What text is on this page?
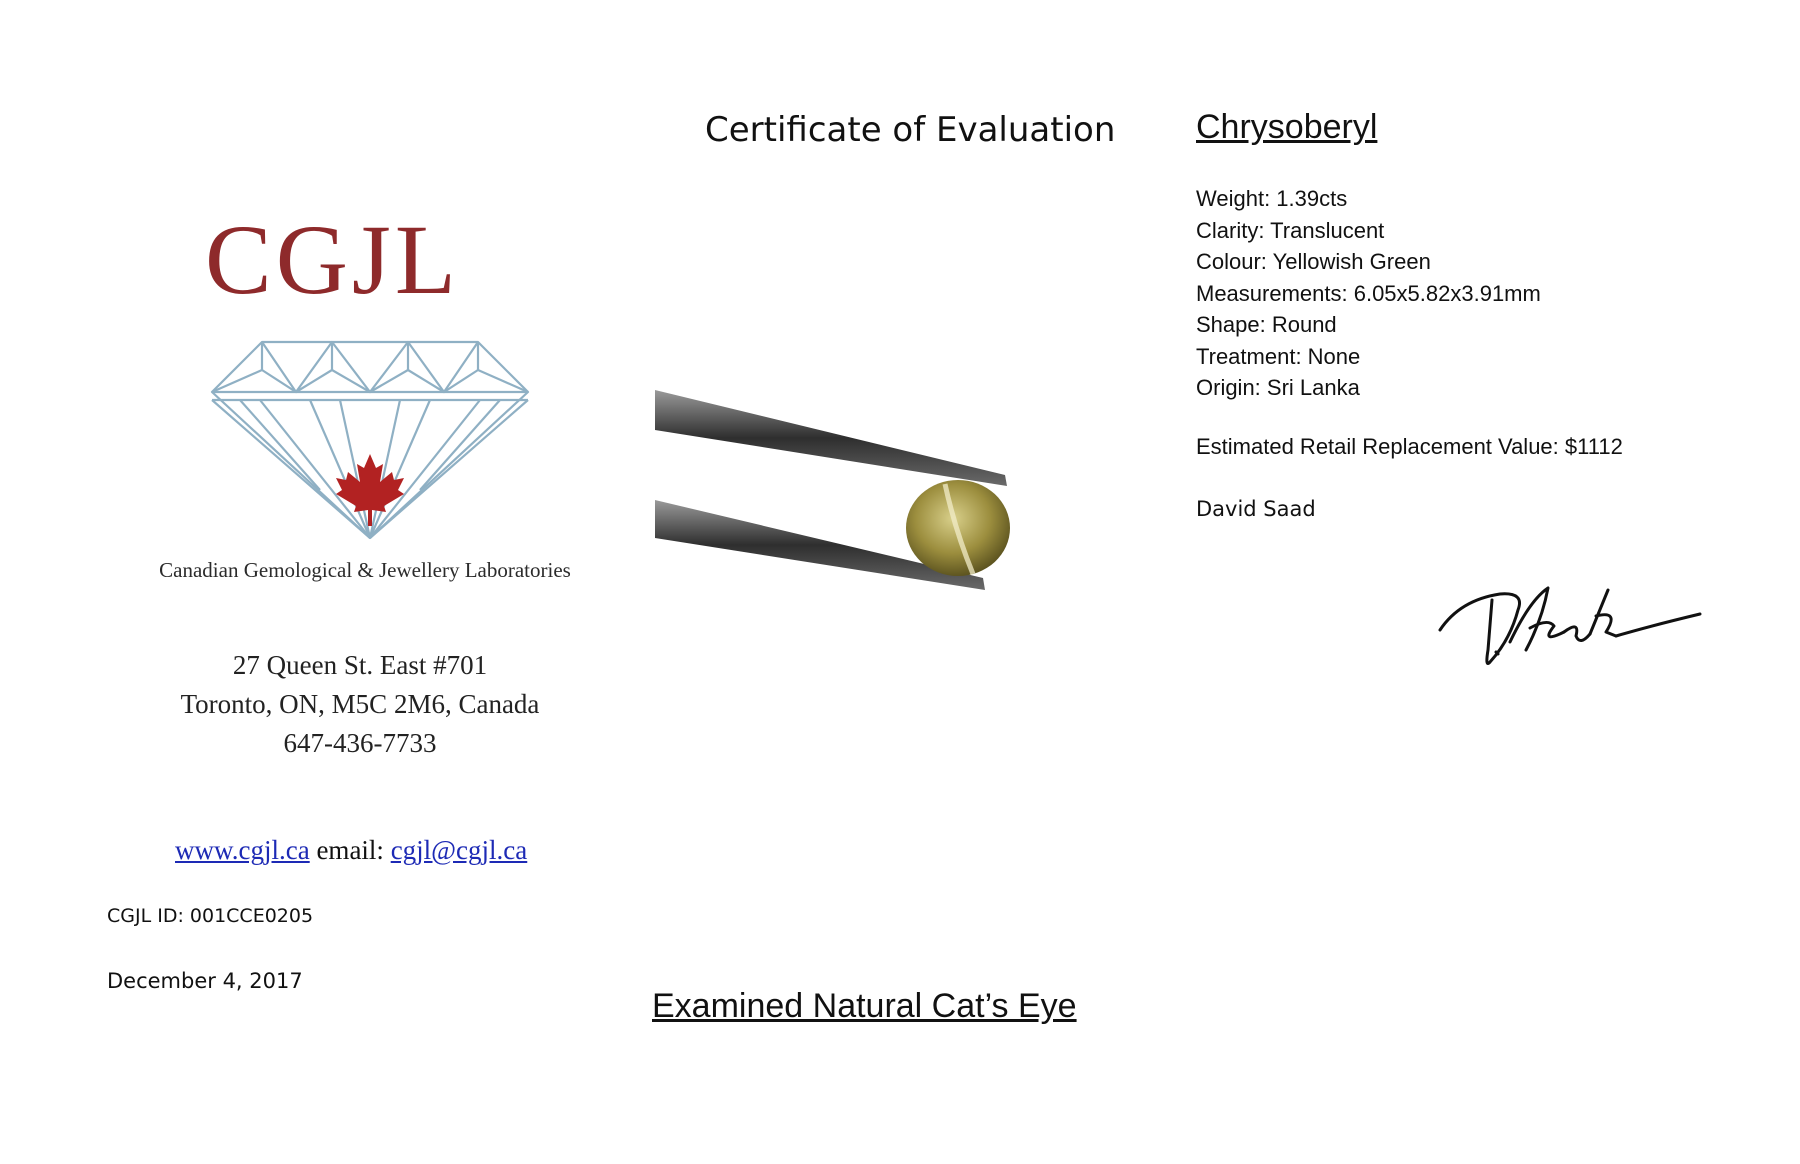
CGJL
Canadian Gemological & Jewellery Laboratories
27 Queen St. East #701
Toronto, ON, M5C 2M6, Canada
647-436-7733
www.cgjl.ca email: cgjl@cgjl.ca
CGJL ID: 001CCE0205
December 4, 2017
Certificate of Evaluation
Examined Natural Cat’s Eye
Chrysoberyl
Weight: 1.39cts
Clarity: Translucent
Colour: Yellowish Green
Measurements: 6.05x5.82x3.91mm
Shape: Round
Treatment: None
Origin: Sri Lanka
Estimated Retail Replacement Value: $1112
David Saad
